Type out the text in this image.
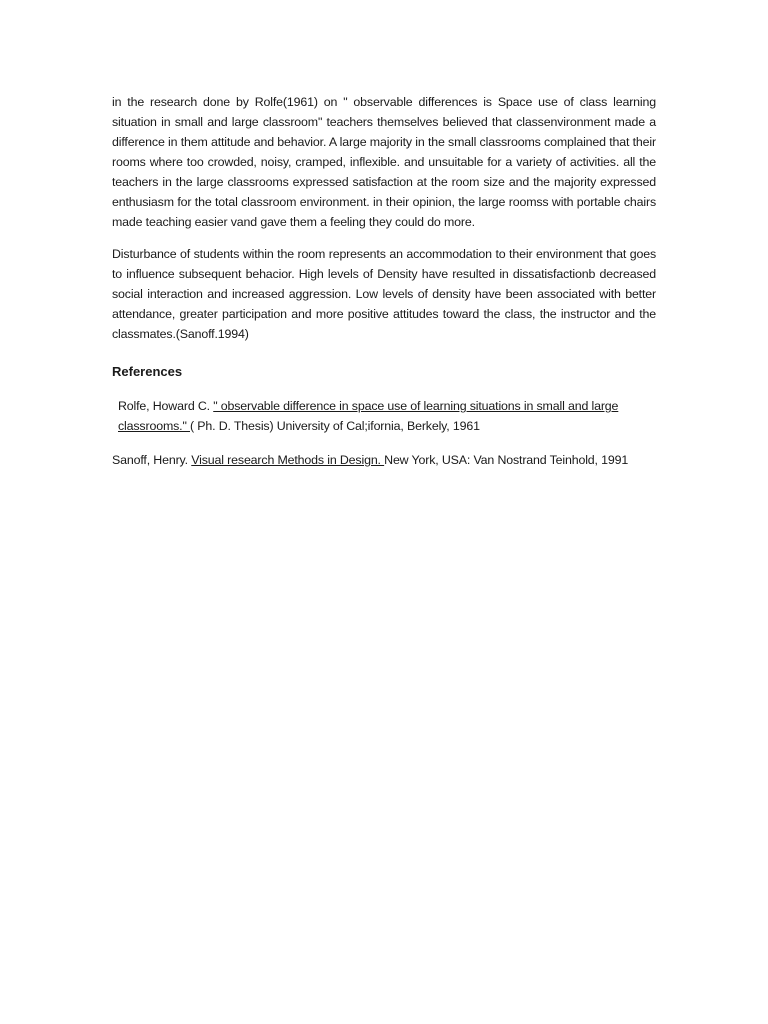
in the research done by Rolfe(1961) on " observable differences is Space use of class learning situation in small and large classroom" teachers themselves believed that classenvironment made a difference in them attitude and behavior. A large majority in the small classrooms complained that their rooms where too crowded, noisy, cramped, inflexible. and unsuitable for a variety of activities. all the teachers in the large classrooms expressed satisfaction at the room size and the majority expressed enthusiasm for the total classroom environment. in their opinion, the large roomss with portable chairs made teaching easier vand gave them a feeling they could do more.

Disturbance of students within the room represents an accommodation to their environment that goes to influence subsequent behacior. High levels of Density have resulted in dissatisfactionb decreased social interaction and increased aggression. Low levels of density have been associated with better attendance, greater participation and more positive attitudes toward the class, the instructor and the classmates.(Sanoff.1994)

References

Rolfe, Howard C. " observable difference in space use of learning situations in small and large classrooms." ( Ph. D. Thesis) University of Cal;ifornia, Berkely, 1961

Sanoff, Henry. Visual research Methods in Design. New York, USA: Van Nostrand Teinhold, 1991
